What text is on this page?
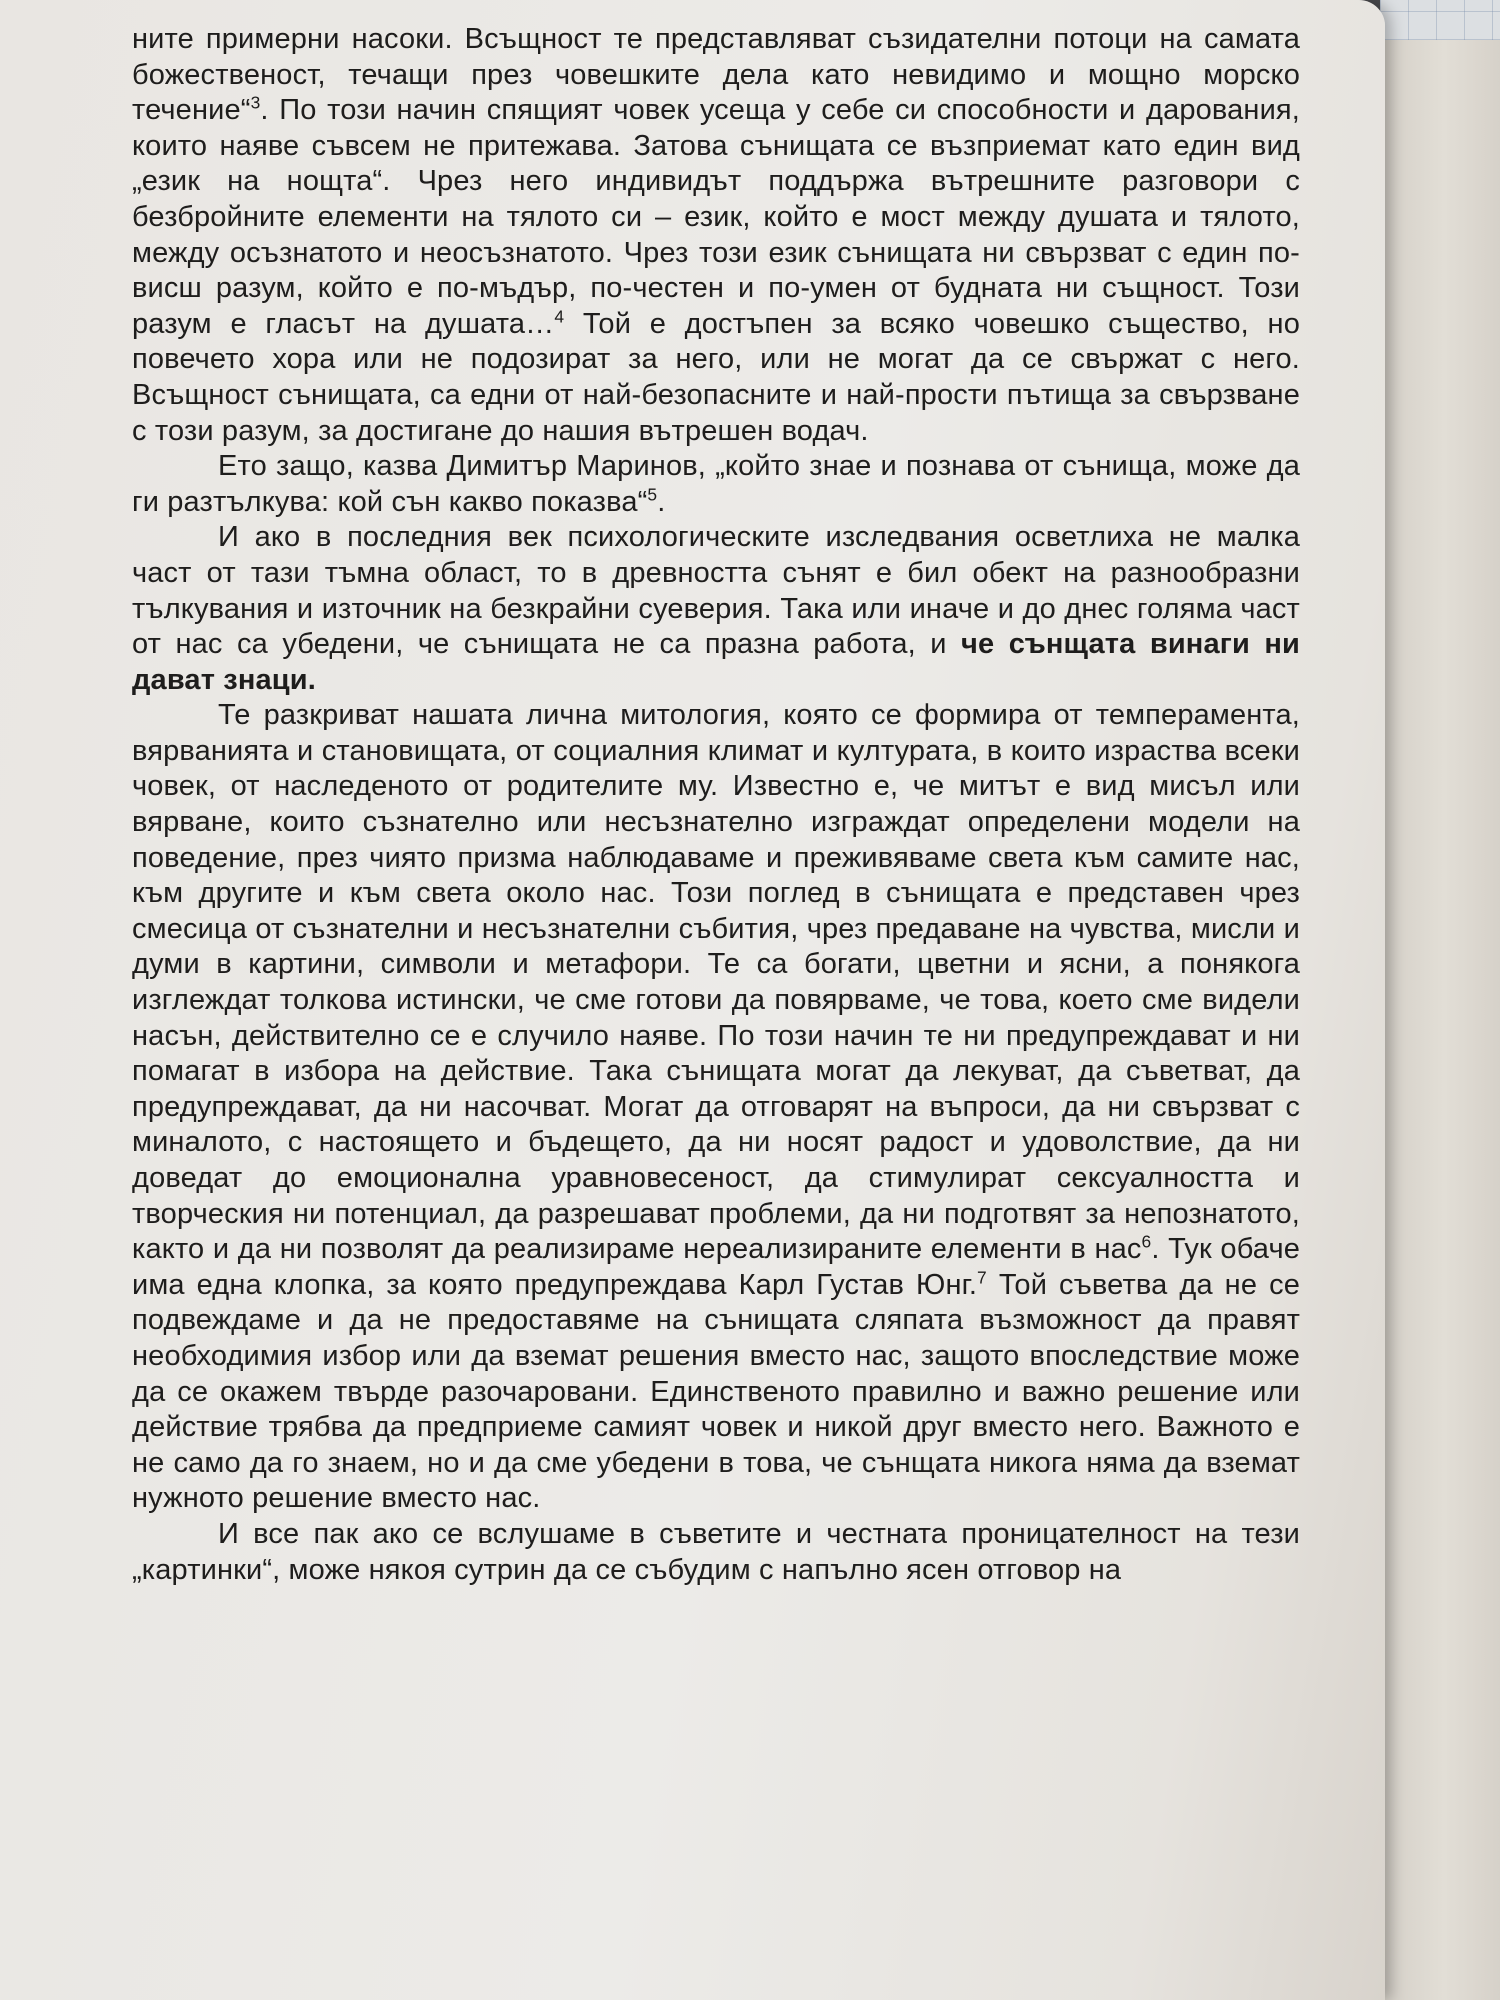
ните примерни насоки. Всъщност те представляват съзидателни потоци на самата божественост, течащи през човешките дела като невидимо и мощно морско течение“$^3$. По този начин спящият човек усеща у себе си способности и дарования, които наяве съвсем не притежава. Затова сънищата се възприемат като един вид „език на нощта“. Чрез него индивидът поддържа вътрешните разговори с безбройните елементи на тялото си – език, който е мост между душата и тялото, между осъзнатото и неосъзнатото. Чрез този език сънищата ни свързват с един по-висш разум, който е по-мъдър, по-честен и по-умен от будната ни същност. Този разум е гласът на душата…$^4$ Той е достъпен за всяко човешко същество, но повечето хора или не подозират за него, или не могат да се свържат с него. Всъщност сънищата, са едни от най-безопасните и най-прости пътища за свързване с този разум, за достигане до нашия вътрешен водач.

Ето защо, казва Димитър Маринов, „който знае и познава от сънища, може да ги разтълкува: кой сън какво показва“$^5$.

И ако в последния век психологическите изследвания осветлиха не малка част от тази тъмна област, то в древността сънят е бил обект на разнообразни тълкувания и източник на безкрайни суеверия. Така или иначе и до днес голяма част от нас са убедени, че сънищата не са празна работа, и че сънщата винаги ни дават знаци.

Те разкриват нашата лична митология, която се формира от темперамента, вярванията и становищата, от социалния климат и културата, в които израства всеки човек, от наследеното от родителите му. Известно е, че митът е вид мисъл или вярване, които съзнателно или несъзнателно изграждат определени модели на поведение, през чиято призма наблюдаваме и преживяваме света към самите нас, към другите и към света около нас. Този поглед в сънищата е представен чрез смесица от съзнателни и несъзнателни събития, чрез предаване на чувства, мисли и думи в картини, символи и метафори. Те са богати, цветни и ясни, а понякога изглеждат толкова истински, че сме готови да повярваме, че това, което сме видели насън, действително се е случило наяве. По този начин те ни предупреждават и ни помагат в избора на действие. Така сънищата могат да лекуват, да съветват, да предупреждават, да ни насочват. Могат да отговарят на въпроси, да ни свързват с миналото, с настоящето и бъдещето, да ни носят радост и удоволствие, да ни доведат до емоционална уравновесеност, да стимулират сексуалността и творческия ни потенциал, да разрешават проблеми, да ни подготвят за непознатото, както и да ни позволят да реализираме нереализираните елементи в нас$^6$. Тук обаче има една клопка, за която предупреждава Карл Густав Юнг.$^7$ Той съветва да не се подвеждаме и да не предоставяме на сънищата сляпата възможност да правят необходимия избор или да вземат решения вместо нас, защото впоследствие може да се окажем твърде разочаровани. Единственото правилно и важно решение или действие трябва да предприеме самият човек и никой друг вместо него. Важното е не само да го знаем, но и да сме убедени в това, че сънщата никога няма да вземат нужното решение вместо нас.

И все пак ако се вслушаме в съветите и честната проницателност на тези „картинки“, може някоя сутрин да се събудим с напълно ясен отговор на
